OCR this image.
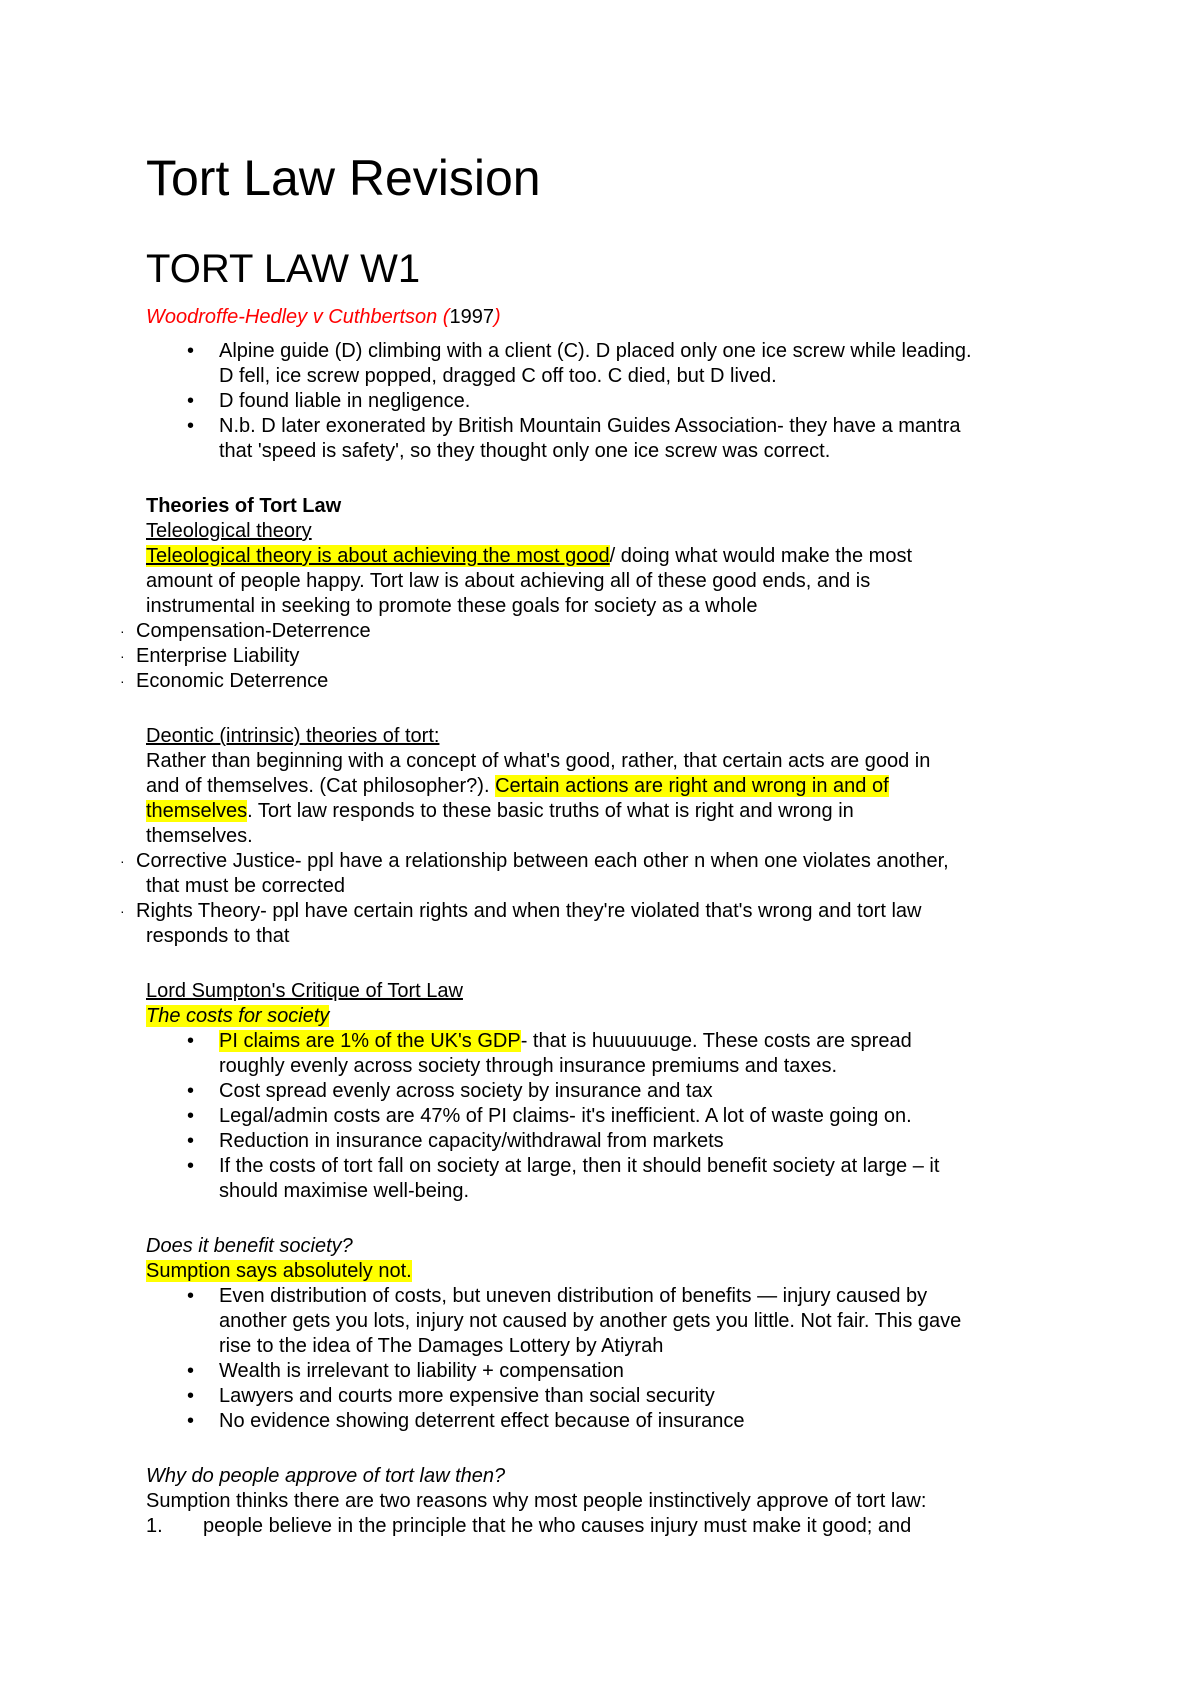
Tort Law Revision
TORT LAW W1
Woodroffe-Hedley v Cuthbertson (1997)
• Alpine guide (D) climbing with a client (C). D placed only one ice screw while leading.
D fell, ice screw popped, dragged C off too. C died, but D lived.
• D found liable in negligence.
• N.b. D later exonerated by British Mountain Guides Association- they have a mantra
that 'speed is safety', so they thought only one ice screw was correct.
Theories of Tort Law
Teleological theory
Teleological theory is about achieving the most good/ doing what would make the most
amount of people happy. Tort law is about achieving all of these good ends, and is
instrumental in seeking to promote these goals for society as a whole
· Compensation-Deterrence
· Enterprise Liability
· Economic Deterrence
Deontic (intrinsic) theories of tort:
Rather than beginning with a concept of what's good, rather, that certain acts are good in
and of themselves. (Cat philosopher?). Certain actions are right and wrong in and of
themselves. Tort law responds to these basic truths of what is right and wrong in
themselves.
· Corrective Justice- ppl have a relationship between each other n when one violates another,
that must be corrected
· Rights Theory- ppl have certain rights and when they're violated that's wrong and tort law
responds to that
Lord Sumpton's Critique of Tort Law
The costs for society
• PI claims are 1% of the UK's GDP- that is huuuuuuge. These costs are spread
roughly evenly across society through insurance premiums and taxes.
• Cost spread evenly across society by insurance and tax
• Legal/admin costs are 47% of PI claims- it's inefficient. A lot of waste going on.
• Reduction in insurance capacity/withdrawal from markets
• If the costs of tort fall on society at large, then it should benefit society at large – it
should maximise well-being.
Does it benefit society?
Sumption says absolutely not.
• Even distribution of costs, but uneven distribution of benefits — injury caused by
another gets you lots, injury not caused by another gets you little. Not fair. This gave
rise to the idea of The Damages Lottery by Atiyrah
• Wealth is irrelevant to liability + compensation
• Lawyers and courts more expensive than social security
• No evidence showing deterrent effect because of insurance
Why do people approve of tort law then?
Sumption thinks there are two reasons why most people instinctively approve of tort law:
1. people believe in the principle that he who causes injury must make it good; and
